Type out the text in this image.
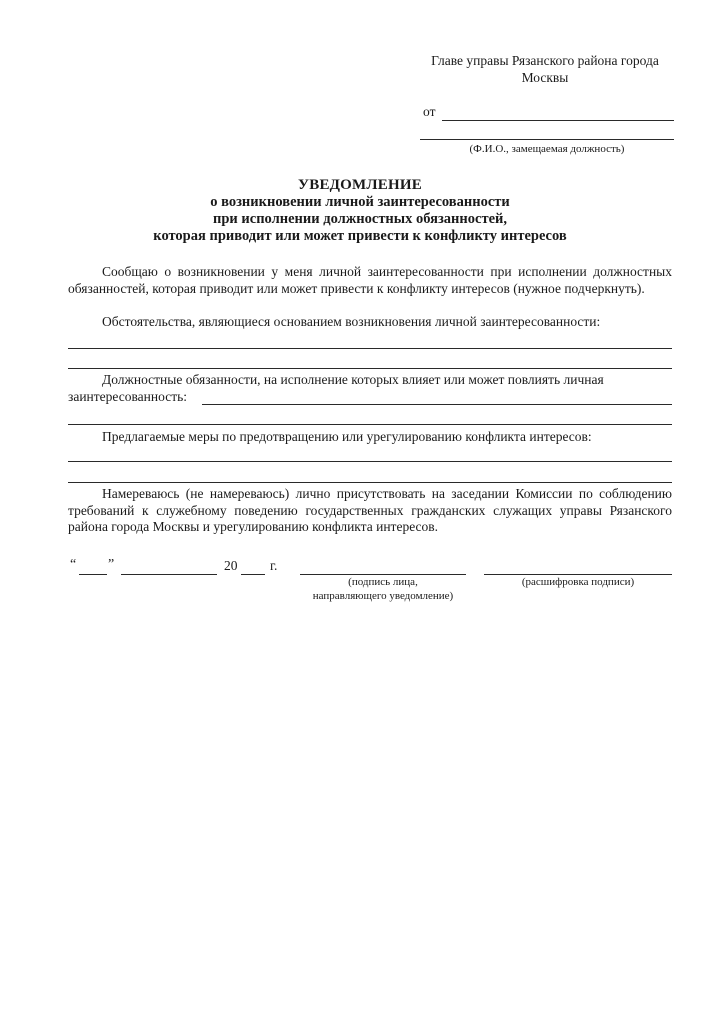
Главе управы Рязанского района города
Москвы
от
(Ф.И.О., замещаемая должность)
УВЕДОМЛЕНИЕ
о возникновении личной заинтересованности
при исполнении должностных обязанностей,
которая приводит или может привести к конфликту интересов
Сообщаю о возникновении у меня личной заинтересованности при исполнении должностных обязанностей, которая приводит или может привести к конфликту интересов (нужное подчеркнуть).
Обстоятельства, являющиеся основанием возникновения личной заинтересованности:
Должностные обязанности, на исполнение которых влияет или может повлиять личная
заинтересованность:
Предлагаемые меры по предотвращению или урегулированию конфликта интересов:
Намереваюсь (не намереваюсь) лично присутствовать на заседании Комиссии по соблюдению требований к служебному поведению государственных гражданских служащих управы Рязанского района города Москвы и урегулированию конфликта интересов.
“ ”	20 г.
(подпись лица,
направляющего уведомление)
(расшифровка подписи)
